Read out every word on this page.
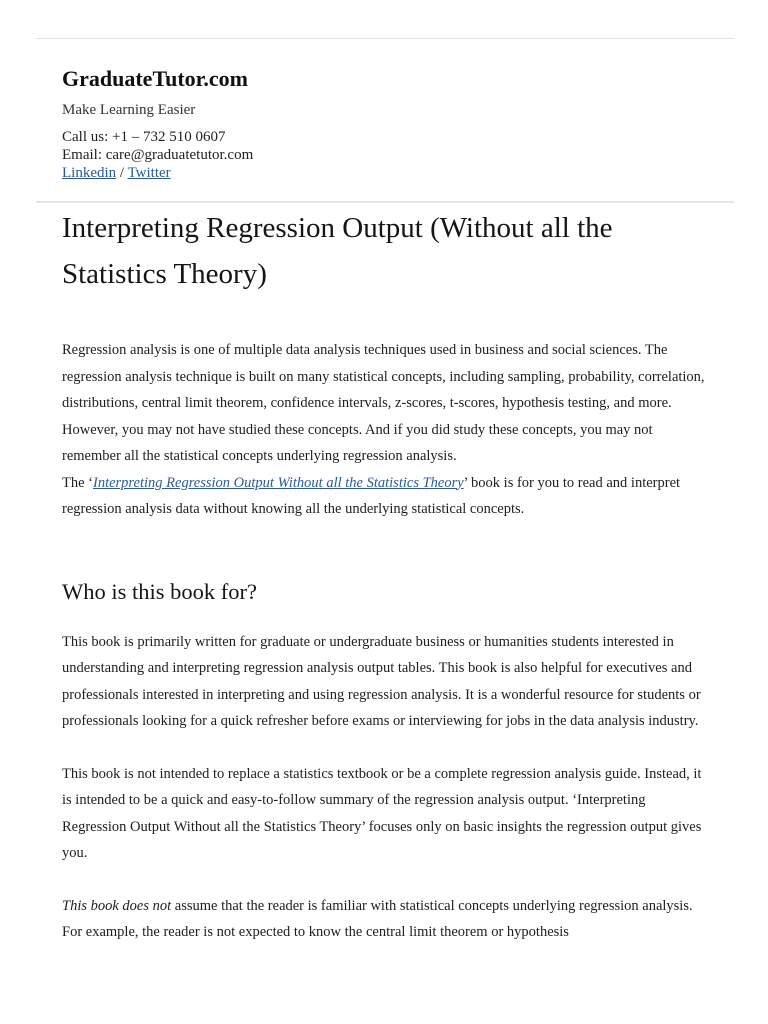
GraduateTutor.com

Make Learning Easier

Call us: +1 – 732 510 0607
Email: care@graduatetutor.com
Linkedin / Twitter
Interpreting Regression Output (Without all the Statistics Theory)

Regression analysis is one of multiple data analysis techniques used in business and social sciences. The regression analysis technique is built on many statistical concepts, including sampling, probability, correlation, distributions, central limit theorem, confidence intervals, z-scores, t-scores, hypothesis testing, and more. However, you may not have studied these concepts. And if you did study these concepts, you may not remember all the statistical concepts underlying regression analysis.
The ‘Interpreting Regression Output Without all the Statistics Theory’ book is for you to read and interpret regression analysis data without knowing all the underlying statistical concepts.

Who is this book for?

This book is primarily written for graduate or undergraduate business or humanities students interested in understanding and interpreting regression analysis output tables. This book is also helpful for executives and professionals interested in interpreting and using regression analysis. It is a wonderful resource for students or professionals looking for a quick refresher before exams or interviewing for jobs in the data analysis industry.

This book is not intended to replace a statistics textbook or be a complete regression analysis guide. Instead, it is intended to be a quick and easy-to-follow summary of the regression analysis output. ‘Interpreting Regression Output Without all the Statistics Theory’ focuses only on basic insights the regression output gives you.

This book does not assume that the reader is familiar with statistical concepts underlying regression analysis. For example, the reader is not expected to know the central limit theorem or hypothesis
